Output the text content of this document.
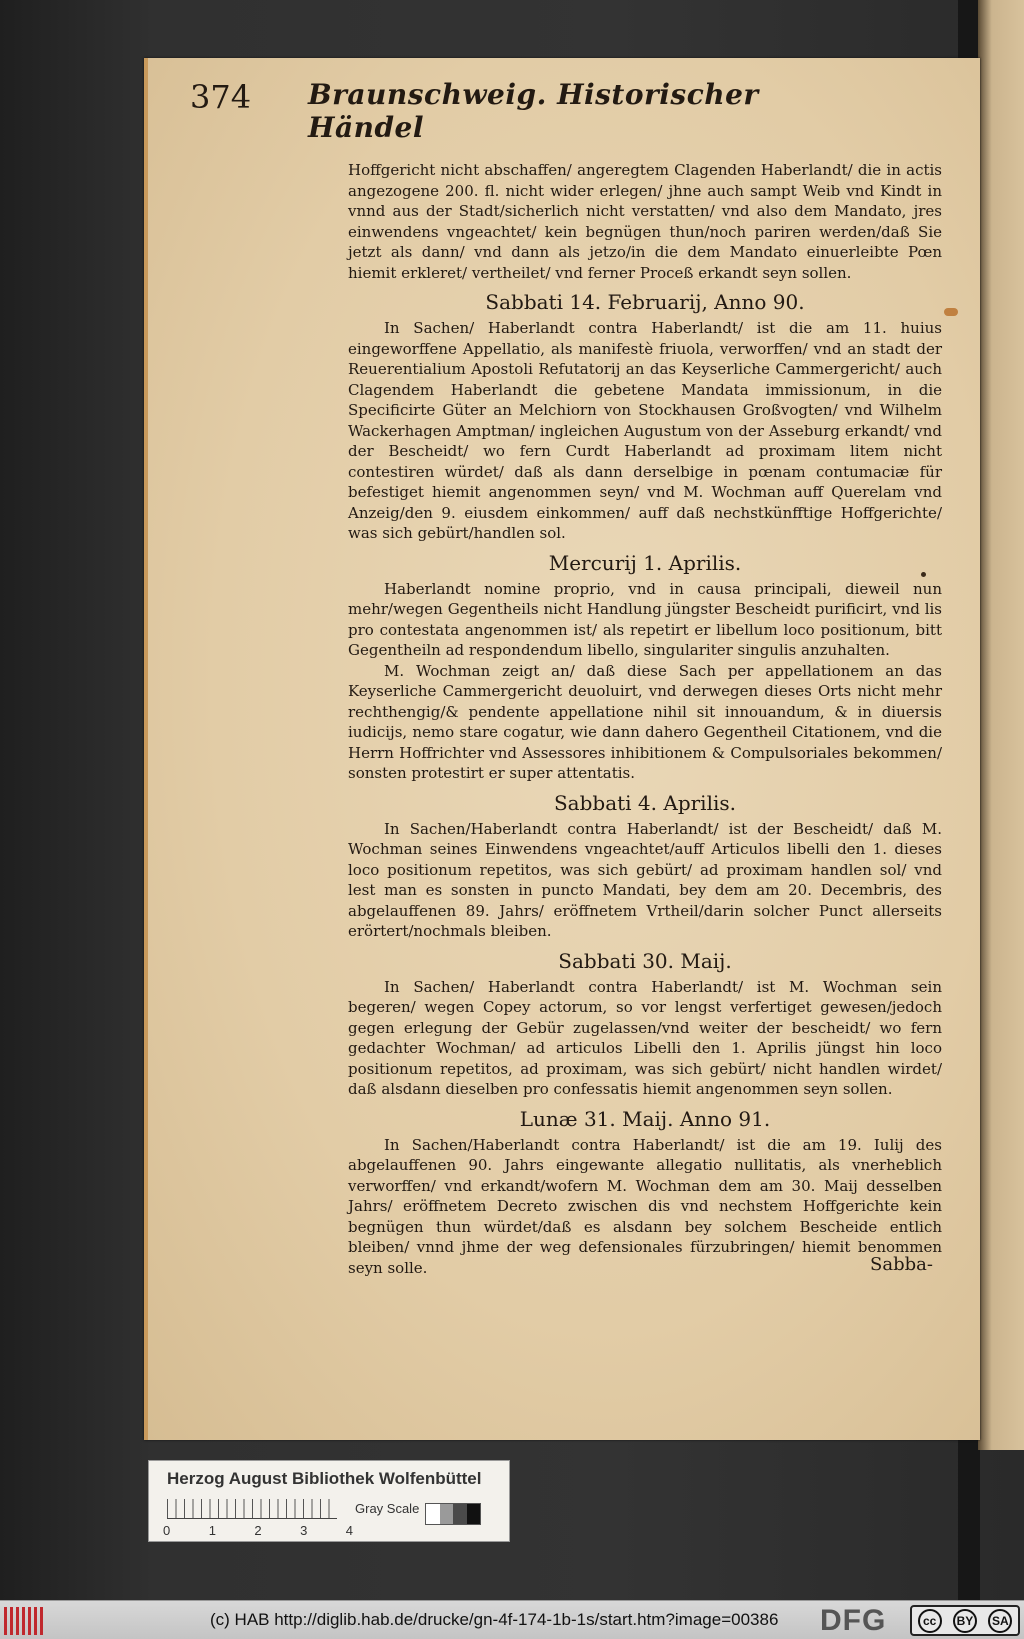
374 Braunschweig. Historischer Händel

Hoffgericht nicht abschaffen/ angeregtem Clagenden Haberlandt/ die in actis angezogene 200. fl. nicht wider erlegen/ jhne auch sampt Weib vnd Kindt in vnnd aus der Stadt/sicherlich nicht verstatten/ vnd also dem Mandato, jres einwendens vngeachtet/ kein begnügen thun/noch pariren werden/daß Sie jetzt als dann/ vnd dann als jetzo/in die dem Mandato einuerleibte Pœn hiemit erkleret/ vertheilet/ vnd ferner Proceß erkandt seyn sollen.

Sabbati 14. Februarij, Anno 90.

In Sachen/ Haberlandt contra Haberlandt/ ist die am 11. huius eingeworffene Appellatio, als manifestè friuola, verworffen/ vnd an stadt der Reuerentialium Apostoli Refutatorij an das Keyserliche Cammergericht/ auch Clagendem Haberlandt die gebetene Mandata immissionum, in die Specificirte Güter an Melchiorn von Stockhausen Großvogten/ vnd Wilhelm Wackerhagen Amptman/ ingleichen Augustum von der Asseburg erkandt/ vnd der Bescheidt/ wo fern Curdt Haberlandt ad proximam litem nicht contestiren würdet/ daß als dann derselbige in pœnam contumaciæ für befestiget hiemit angenommen seyn/ vnd M. Wochman auff Querelam vnd Anzeig/den 9. eiusdem einkommen/ auff daß nechstkünfftige Hoffgerichte/ was sich gebürt/handlen sol.

Mercurij 1. Aprilis.

Haberlandt nomine proprio, vnd in causa principali, dieweil nun mehr/wegen Gegentheils nicht Handlung jüngster Bescheidt purificirt, vnd lis pro contestata angenommen ist/ als repetirt er libellum loco positionum, bitt Gegentheiln ad respondendum libello, singulariter singulis anzuhalten.

M. Wochman zeigt an/ daß diese Sach per appellationem an das Keyserliche Cammergericht deuoluirt, vnd derwegen dieses Orts nicht mehr rechthengig/& pendente appellatione nihil sit innouandum, & in diuersis iudicijs, nemo stare cogatur, wie dann dahero Gegentheil Citationem, vnd die Herrn Hoffrichter vnd Assessores inhibitionem & Compulsoriales bekommen/ sonsten protestirt er super attentatis.

Sabbati 4. Aprilis.

In Sachen/Haberlandt contra Haberlandt/ ist der Bescheidt/ daß M. Wochman seines Einwendens vngeachtet/auff Articulos libelli den 1. dieses loco positionum repetitos, was sich gebürt/ ad proximam handlen sol/ vnd lest man es sonsten in puncto Mandati, bey dem am 20. Decembris, des abgelauffenen 89. Jahrs/ eröffnetem Vrtheil/darin solcher Punct allerseits erörtert/nochmals bleiben.

Sabbati 30. Maij.

In Sachen/ Haberlandt contra Haberlandt/ ist M. Wochman sein begeren/ wegen Copey actorum, so vor lengst verfertiget gewesen/jedoch gegen erlegung der Gebür zugelassen/vnd weiter der bescheidt/ wo fern gedachter Wochman/ ad articulos Libelli den 1. Aprilis jüngst hin loco positionum repetitos, ad proximam, was sich gebürt/ nicht handlen wirdet/ daß alsdann dieselben pro confessatis hiemit angenommen seyn sollen.

Lunæ 31. Maij. Anno 91.

In Sachen/Haberlandt contra Haberlandt/ ist die am 19. Iulij des abgelauffenen 90. Jahrs eingewante allegatio nullitatis, als vnerheblich verworffen/ vnd erkandt/wofern M. Wochman dem am 30. Maij desselben Jahrs/ eröffnetem Decreto zwischen dis vnd nechstem Hoffgerichte kein begnügen thun würdet/daß es alsdann bey solchem Bescheide entlich bleiben/ vnnd jhme der weg defensionales fürzubringen/ hiemit benommen seyn solle.	Sabba-
Herzog August Bibliothek Wolfenbüttel
0	1	2	3	4
Gray Scale
(c) HAB http://diglib.hab.de/drucke/gn-4f-174-1b-1s/start.htm?image=00386 DFG	cc	BY	SA
